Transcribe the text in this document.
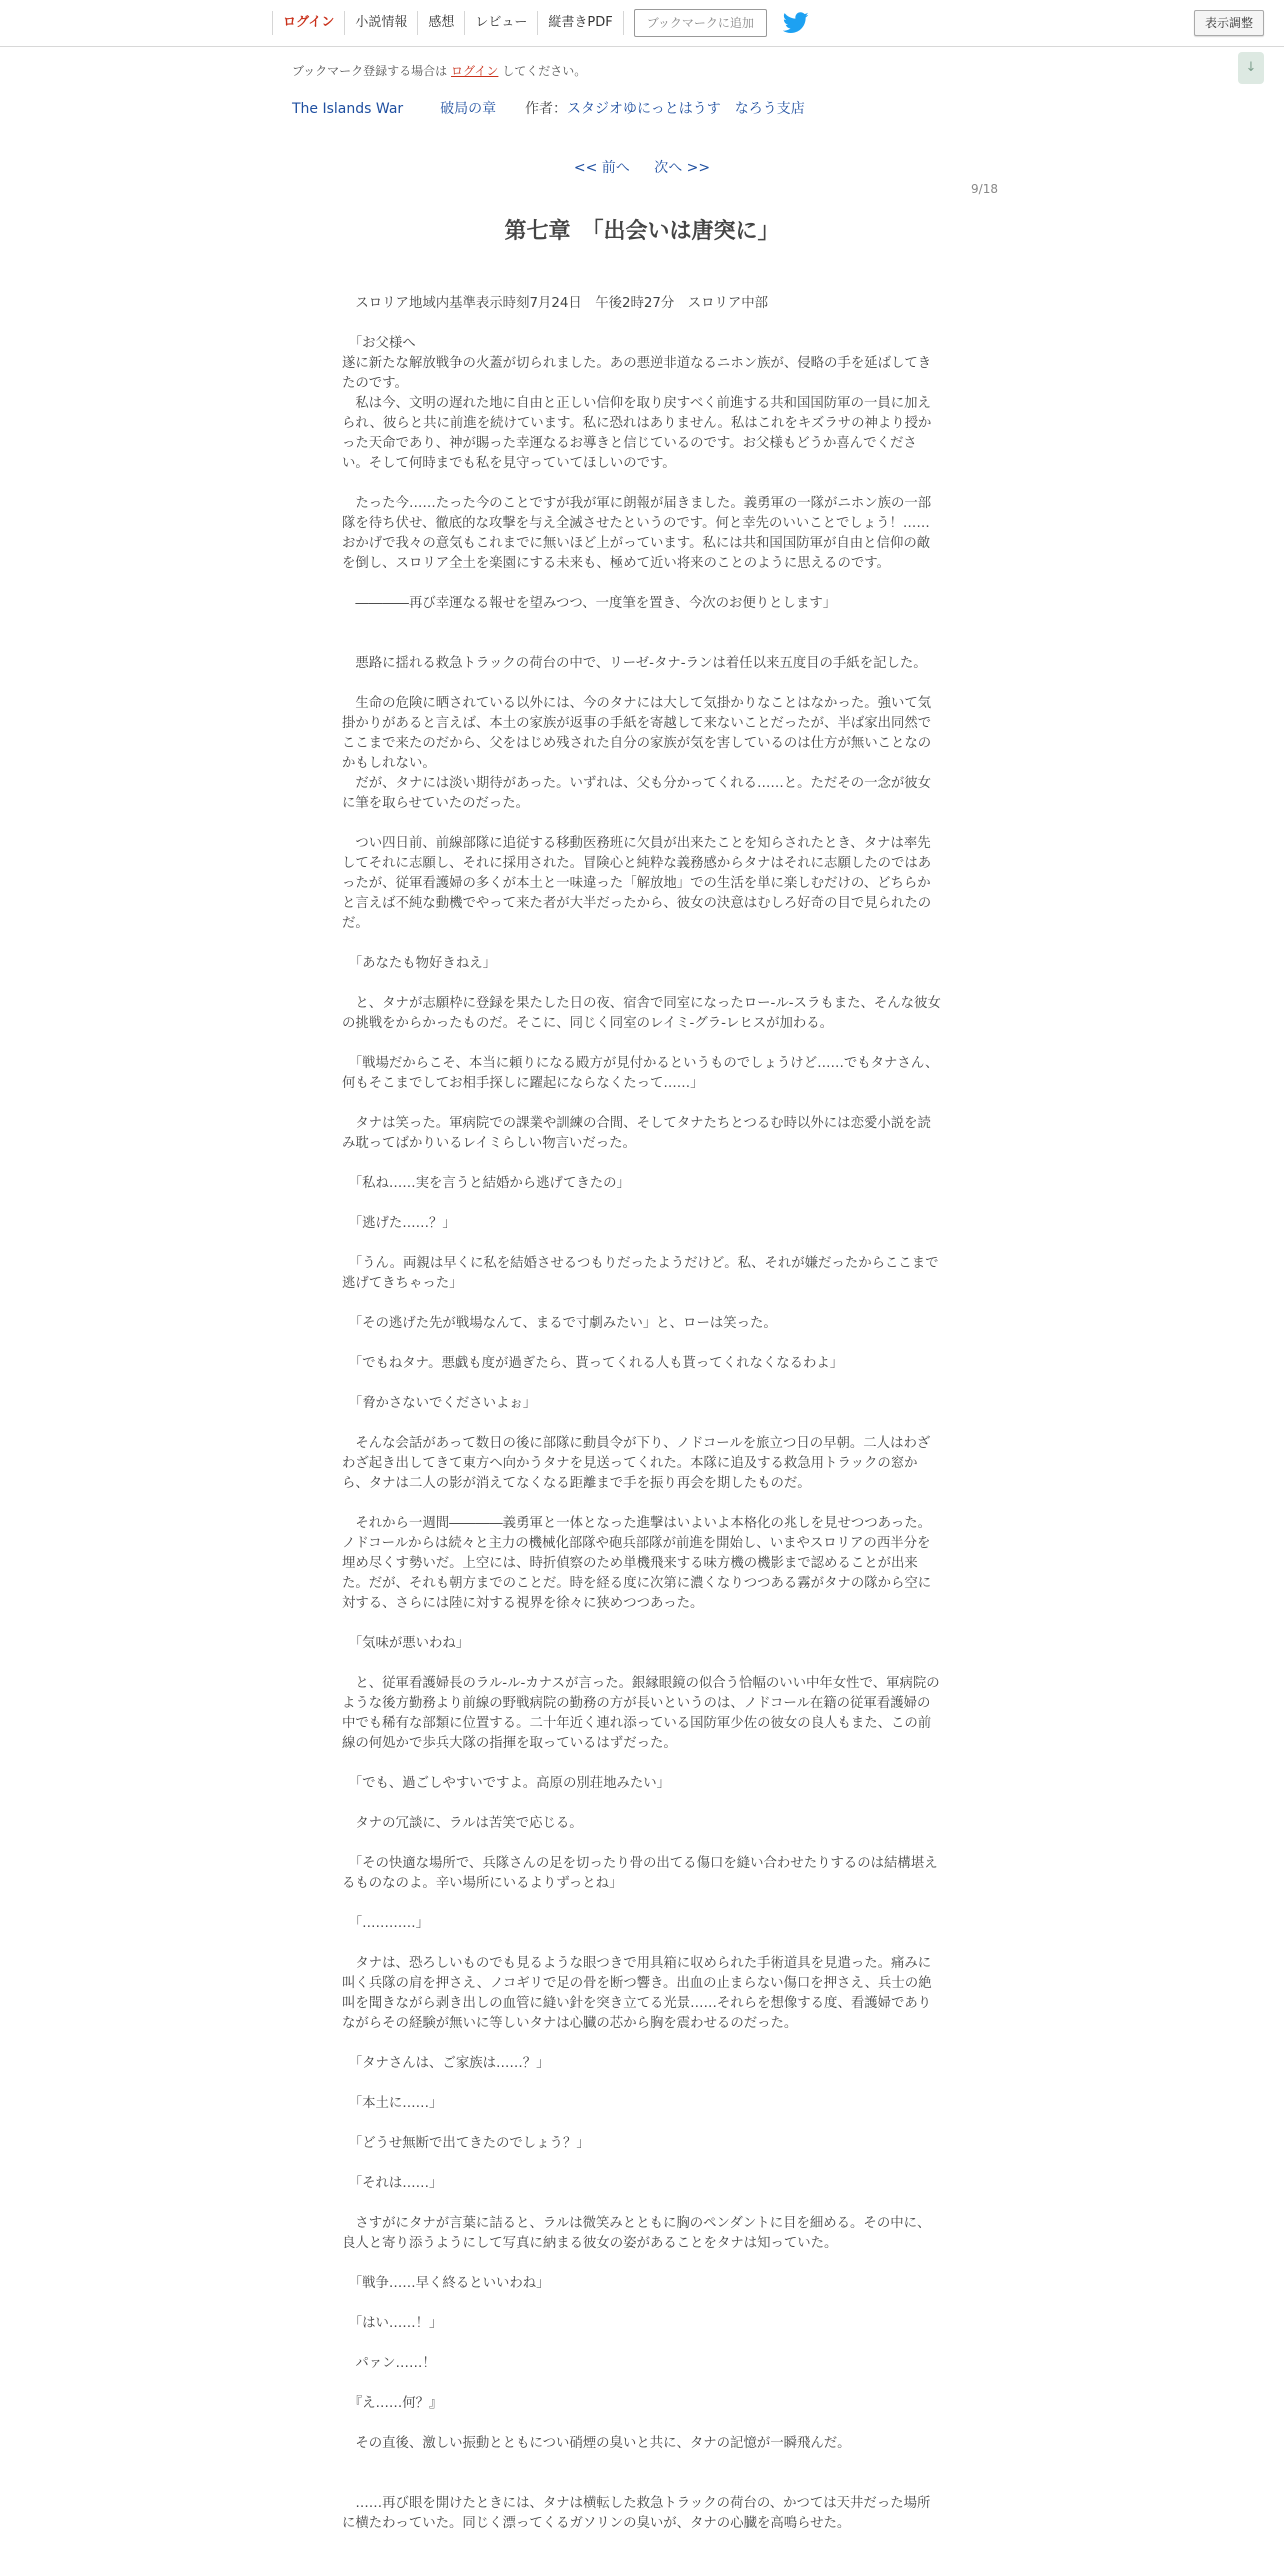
ログイン	小説情報	感想	レビュー	縦書きPDF	ブックマークに追加	表示調整
↓
ブックマーク登録する場合は ログイン してください。
The Islands War	破局の章 作者：スタジオゆにっとはうす　なろう支店
<< 前へ 次へ >>
9/18
第七章　「出会いは唐突に」

　スロリア地域内基準表示時刻7月24日　午後2時27分　スロリア中部

　「お父様へ
遂に新たな解放戦争の火蓋が切られました。あの悪逆非道なるニホン族が、侵略の手を延ばしてきたのです。
　私は今、文明の遅れた地に自由と正しい信仰を取り戻すべく前進する共和国国防軍の一員に加えられ、彼らと共に前進を続けています。私に恐れはありません。私はこれをキズラサの神より授かった天命であり、神が賜った幸運なるお導きと信じているのです。お父様もどうか喜んでください。そして何時までも私を見守っていてほしいのです。

　たった今……たった今のことですが我が軍に朗報が届きました。義勇軍の一隊がニホン族の一部隊を待ち伏せ、徹底的な攻撃を与え全滅させたというのです。何と幸先のいいことでしょう！……おかげで我々の意気もこれまでに無いほど上がっています。私には共和国国防軍が自由と信仰の敵を倒し、スロリア全土を楽園にする未来も、極めて近い将来のことのように思えるのです。

　――――再び幸運なる報せを望みつつ、一度筆を置き、今次のお便りとします」

　悪路に揺れる救急トラックの荷台の中で、リーゼ-タナ-ランは着任以来五度目の手紙を記した。

　生命の危険に晒されている以外には、今のタナには大して気掛かりなことはなかった。強いて気掛かりがあると言えば、本土の家族が返事の手紙を寄越して来ないことだったが、半ば家出同然でここまで来たのだから、父をはじめ残された自分の家族が気を害しているのは仕方が無いことなのかもしれない。
　だが、タナには淡い期待があった。いずれは、父も分かってくれる……と。ただその一念が彼女に筆を取らせていたのだった。

　つい四日前、前線部隊に追従する移動医務班に欠員が出来たことを知らされたとき、タナは率先してそれに志願し、それに採用された。冒険心と純粋な義務感からタナはそれに志願したのではあったが、従軍看護婦の多くが本土と一味違った「解放地」での生活を単に楽しむだけの、どちらかと言えば不純な動機でやって来た者が大半だったから、彼女の決意はむしろ好奇の目で見られたのだ。

　「あなたも物好きねえ」

　と、タナが志願枠に登録を果たした日の夜、宿舎で同室になったロー-ル-スラもまた、そんな彼女の挑戦をからかったものだ。そこに、同じく同室のレイミ-グラ-レヒスが加わる。

　「戦場だからこそ、本当に頼りになる殿方が見付かるというものでしょうけど……でもタナさん、何もそこまでしてお相手探しに躍起にならなくたって……」

　タナは笑った。軍病院での課業や訓練の合間、そしてタナたちとつるむ時以外には恋愛小説を読み耽ってばかりいるレイミらしい物言いだった。

　「私ね……実を言うと結婚から逃げてきたの」

　「逃げた……？」

　「うん。両親は早くに私を結婚させるつもりだったようだけど。私、それが嫌だったからここまで逃げてきちゃった」

　「その逃げた先が戦場なんて、まるで寸劇みたい」と、ローは笑った。

　「でもねタナ。悪戯も度が過ぎたら、貰ってくれる人も貰ってくれなくなるわよ」

　「脅かさないでくださいよぉ」

　そんな会話があって数日の後に部隊に動員令が下り、ノドコールを旅立つ日の早朝。二人はわざわざ起き出してきて東方へ向かうタナを見送ってくれた。本隊に追及する救急用トラックの窓から、タナは二人の影が消えてなくなる距離まで手を振り再会を期したものだ。

　それから一週間――――義勇軍と一体となった進撃はいよいよ本格化の兆しを見せつつあった。ノドコールからは続々と主力の機械化部隊や砲兵部隊が前進を開始し、いまやスロリアの西半分を埋め尽くす勢いだ。上空には、時折偵察のため単機飛来する味方機の機影まで認めることが出来た。だが、それも朝方までのことだ。時を経る度に次第に濃くなりつつある霧がタナの隊から空に対する、さらには陸に対する視界を徐々に狭めつつあった。

　「気味が悪いわね」

　と、従軍看護婦長のラル-ル-カナスが言った。銀縁眼鏡の似合う恰幅のいい中年女性で、軍病院のような後方勤務より前線の野戦病院の勤務の方が長いというのは、ノドコール在籍の従軍看護婦の中でも稀有な部類に位置する。二十年近く連れ添っている国防軍少佐の彼女の良人もまた、この前線の何処かで歩兵大隊の指揮を取っているはずだった。

　「でも、過ごしやすいですよ。高原の別荘地みたい」

　タナの冗談に、ラルは苦笑で応じる。

　「その快適な場所で、兵隊さんの足を切ったり骨の出てる傷口を縫い合わせたりするのは結構堪えるものなのよ。辛い場所にいるよりずっとね」

　「…………」

　タナは、恐ろしいものでも見るような眼つきで用具箱に収められた手術道具を見遣った。痛みに叫く兵隊の肩を押さえ、ノコギリで足の骨を断つ響き。出血の止まらない傷口を押さえ、兵士の絶叫を聞きながら剥き出しの血管に縫い針を突き立てる光景……それらを想像する度、看護婦でありながらその経験が無いに等しいタナは心臓の芯から胸を震わせるのだった。

　「タナさんは、ご家族は……？」

　「本土に……」

　「どうせ無断で出てきたのでしょう？」

　「それは……」

　さすがにタナが言葉に詰ると、ラルは微笑みとともに胸のペンダントに目を細める。その中に、良人と寄り添うようにして写真に納まる彼女の姿があることをタナは知っていた。

　「戦争……早く終るといいわね」

　「はい……！」

　パァン……！

　『え……何？』

　その直後、激しい振動とともについ硝煙の臭いと共に、タナの記憶が一瞬飛んだ。

　……再び眼を開けたときには、タナは横転した救急トラックの荷台の、かつては天井だった場所に横たわっていた。同じく漂ってくるガソリンの臭いが、タナの心臓を高鳴らせた。
